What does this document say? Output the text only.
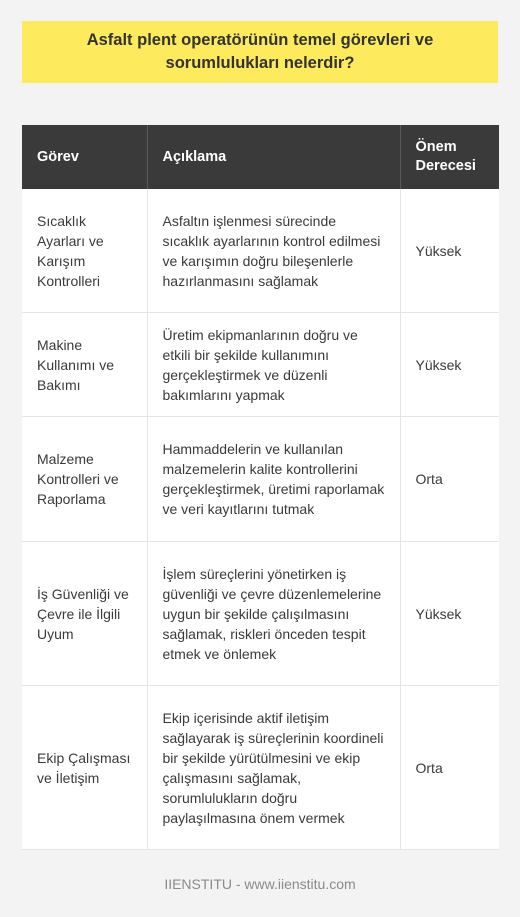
Asfalt plent operatörünün temel görevleri ve sorumlulukları nelerdir?
Görev	Açıklama	Önem Derecesi
Sıcaklık Ayarları ve Karışım Kontrolleri	Asfaltın işlenmesi sürecinde sıcaklık ayarlarının kontrol edilmesi ve karışımın doğru bileşenlerle hazırlanmasını sağlamak	Yüksek
Makine Kullanımı ve Bakımı	Üretim ekipmanlarının doğru ve etkili bir şekilde kullanımını gerçekleştirmek ve düzenli bakımlarını yapmak	Yüksek
Malzeme Kontrolleri ve Raporlama	Hammaddelerin ve kullanılan malzemelerin kalite kontrollerini gerçekleştirmek, üretimi raporlamak ve veri kayıtlarını tutmak	Orta
İş Güvenliği ve Çevre ile İlgili Uyum	İşlem süreçlerini yönetirken iş güvenliği ve çevre düzenlemelerine uygun bir şekilde çalışılmasını sağlamak, riskleri önceden tespit etmek ve önlemek	Yüksek
Ekip Çalışması ve İletişim	Ekip içerisinde aktif iletişim sağlayarak iş süreçlerinin koordineli bir şekilde yürütülmesini ve ekip çalışmasını sağlamak, sorumlulukların doğru paylaşılmasına önem vermek	Orta
IIENSTITU - www.iienstitu.com
